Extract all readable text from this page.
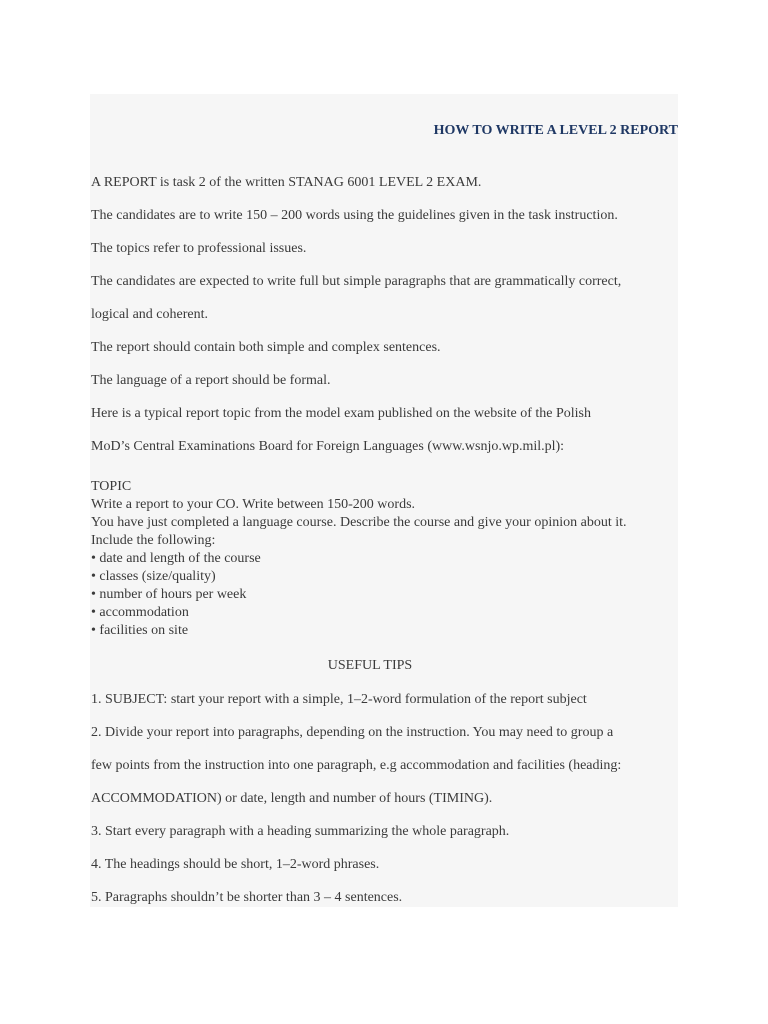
HOW TO WRITE A LEVEL 2 REPORT

A REPORT is task 2 of the written STANAG 6001 LEVEL 2 EXAM.

The candidates are to write 150 – 200 words using the guidelines given in the task instruction.

The topics refer to professional issues.

The candidates are expected to write full but simple paragraphs that are grammatically correct,

logical and coherent.

The report should contain both simple and complex sentences.

The language of a report should be formal.

Here is a typical report topic from the model exam published on the website of the Polish

MoD’s Central Examinations Board for Foreign Languages (www.wsnjo.wp.mil.pl):

TOPIC
Write a report to your CO. Write between 150-200 words.
You have just completed a language course. Describe the course and give your opinion about it.
Include the following:
• date and length of the course
• classes (size/quality)
• number of hours per week
• accommodation
• facilities on site

USEFUL TIPS

1. SUBJECT: start your report with a simple, 1–2-word formulation of the report subject

2. Divide your report into paragraphs, depending on the instruction. You may need to group a

few points from the instruction into one paragraph, e.g accommodation and facilities (heading:

ACCOMMODATION) or date, length and number of hours (TIMING).

3. Start every paragraph with a heading summarizing the whole paragraph.

4. The headings should be short, 1–2-word phrases.

5. Paragraphs shouldn’t be shorter than 3 – 4 sentences.
